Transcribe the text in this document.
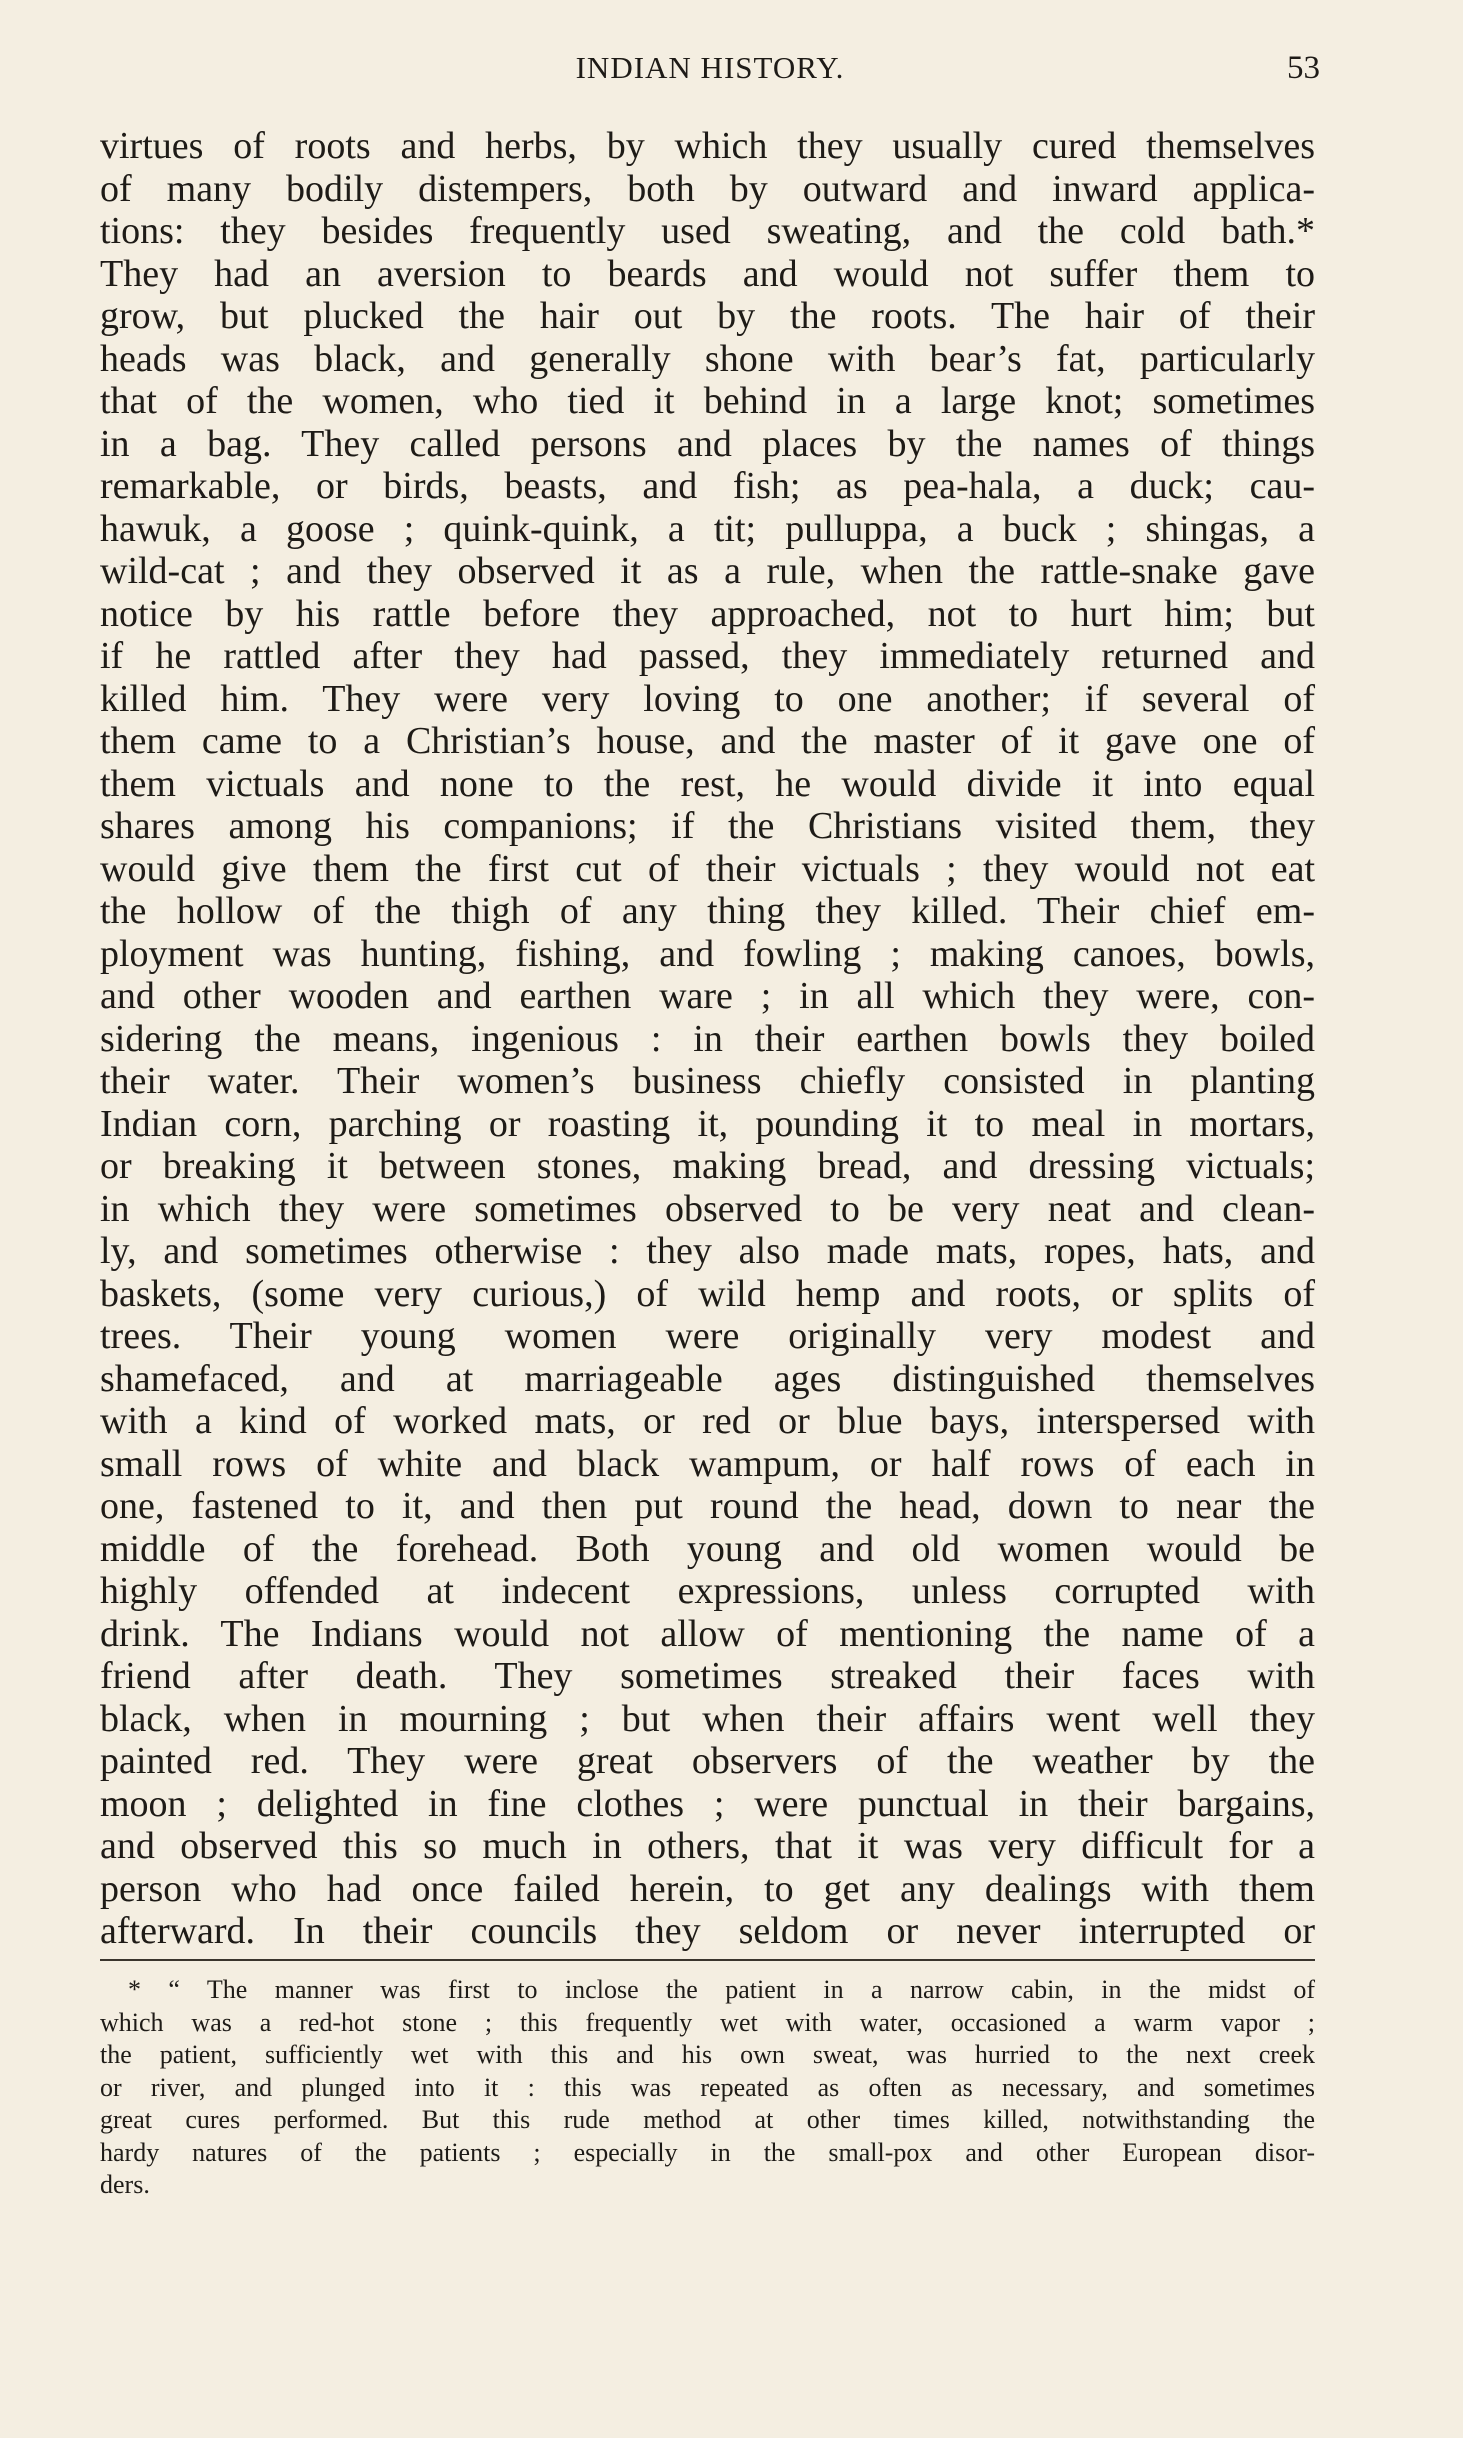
INDIAN HISTORY.	53
virtues of roots and herbs, by which they usually cured themselves
of many bodily distempers, both by outward and inward applica-
tions: they besides frequently used sweating, and the cold bath.*
They had an aversion to beards and would not suffer them to
grow, but plucked the hair out by the roots. The hair of their
heads was black, and generally shone with bear’s fat, particularly
that of the women, who tied it behind in a large knot; sometimes
in a bag. They called persons and places by the names of things
remarkable, or birds, beasts, and fish; as pea-hala, a duck; cau-
hawuk, a goose ; quink-quink, a tit; pulluppa, a buck ; shingas, a
wild-cat ; and they observed it as a rule, when the rattle-snake gave
notice by his rattle before they approached, not to hurt him; but
if he rattled after they had passed, they immediately returned and
killed him. They were very loving to one another; if several of
them came to a Christian’s house, and the master of it gave one of
them victuals and none to the rest, he would divide it into equal
shares among his companions; if the Christians visited them, they
would give them the first cut of their victuals ; they would not eat
the hollow of the thigh of any thing they killed. Their chief em-
ployment was hunting, fishing, and fowling ; making canoes, bowls,
and other wooden and earthen ware ; in all which they were, con-
sidering the means, ingenious : in their earthen bowls they boiled
their water. Their women’s business chiefly consisted in planting
Indian corn, parching or roasting it, pounding it to meal in mortars,
or breaking it between stones, making bread, and dressing victuals;
in which they were sometimes observed to be very neat and clean-
ly, and sometimes otherwise : they also made mats, ropes, hats, and
baskets, (some very curious,) of wild hemp and roots, or splits of
trees. Their young women were originally very modest and
shamefaced, and at marriageable ages distinguished themselves
with a kind of worked mats, or red or blue bays, interspersed with
small rows of white and black wampum, or half rows of each in
one, fastened to it, and then put round the head, down to near the
middle of the forehead. Both young and old women would be
highly offended at indecent expressions, unless corrupted with
drink. The Indians would not allow of mentioning the name of a
friend after death. They sometimes streaked their faces with
black, when in mourning ; but when their affairs went well they
painted red. They were great observers of the weather by the
moon ; delighted in fine clothes ; were punctual in their bargains,
and observed this so much in others, that it was very difficult for a
person who had once failed herein, to get any dealings with them
afterward. In their councils they seldom or never interrupted or
* “ The manner was first to inclose the patient in a narrow cabin, in the midst of
which was a red-hot stone ; this frequently wet with water, occasioned a warm vapor ;
the patient, sufficiently wet with this and his own sweat, was hurried to the next creek
or river, and plunged into it : this was repeated as often as necessary, and sometimes
great cures performed. But this rude method at other times killed, notwithstanding the
hardy natures of the patients ; especially in the small-pox and other European disor-
ders.
